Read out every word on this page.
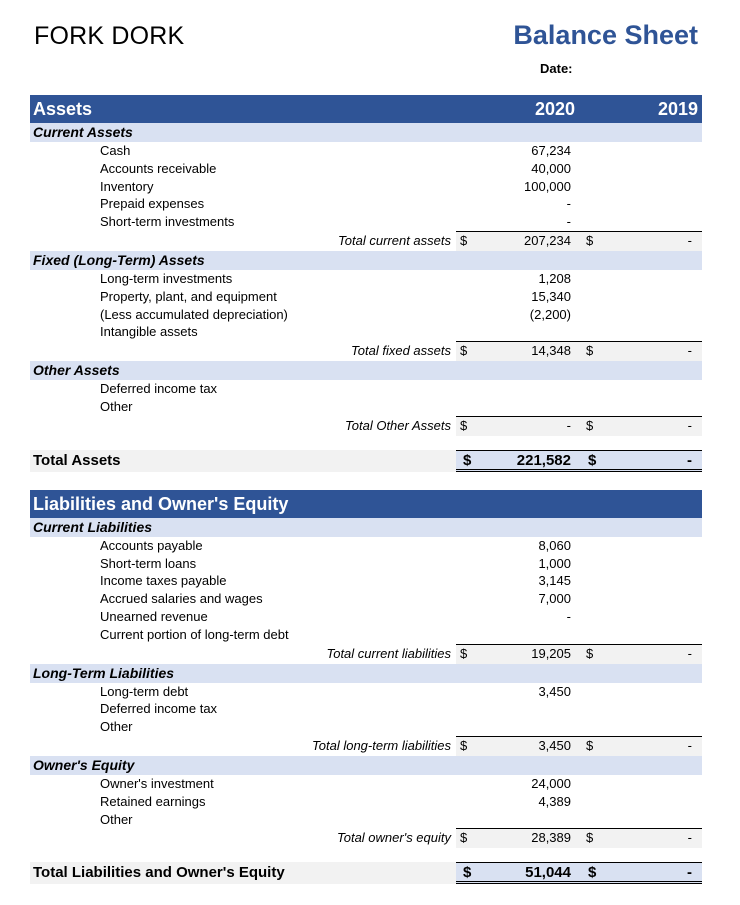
FORK DORK	Balance Sheet
Date:
Assets	2020	2019
Current Assets
Cash	67,234
Accounts receivable	40,000
Inventory	100,000
Prepaid expenses	-
Short-term investments	-
Total current assets $	207,234 $	-
Fixed (Long-Term) Assets
Long-term investments	1,208
Property, plant, and equipment	15,340
(Less accumulated depreciation)	(2,200)
Intangible assets
Total fixed assets $	14,348 $	-
Other Assets
Deferred income tax
Other
Total Other Assets $	- $	-
Total Assets	$	221,582 $	-
Liabilities and Owner's Equity
Current Liabilities
Accounts payable	8,060
Short-term loans	1,000
Income taxes payable	3,145
Accrued salaries and wages	7,000
Unearned revenue	-
Current portion of long-term debt
Total current liabilities $	19,205 $	-
Long-Term Liabilities
Long-term debt	3,450
Deferred income tax
Other
Total long-term liabilities $	3,450 $	-
Owner's Equity
Owner's investment	24,000
Retained earnings	4,389
Other
Total owner's equity $	28,389 $	-
Total Liabilities and Owner's Equity	$	51,044 $	-
